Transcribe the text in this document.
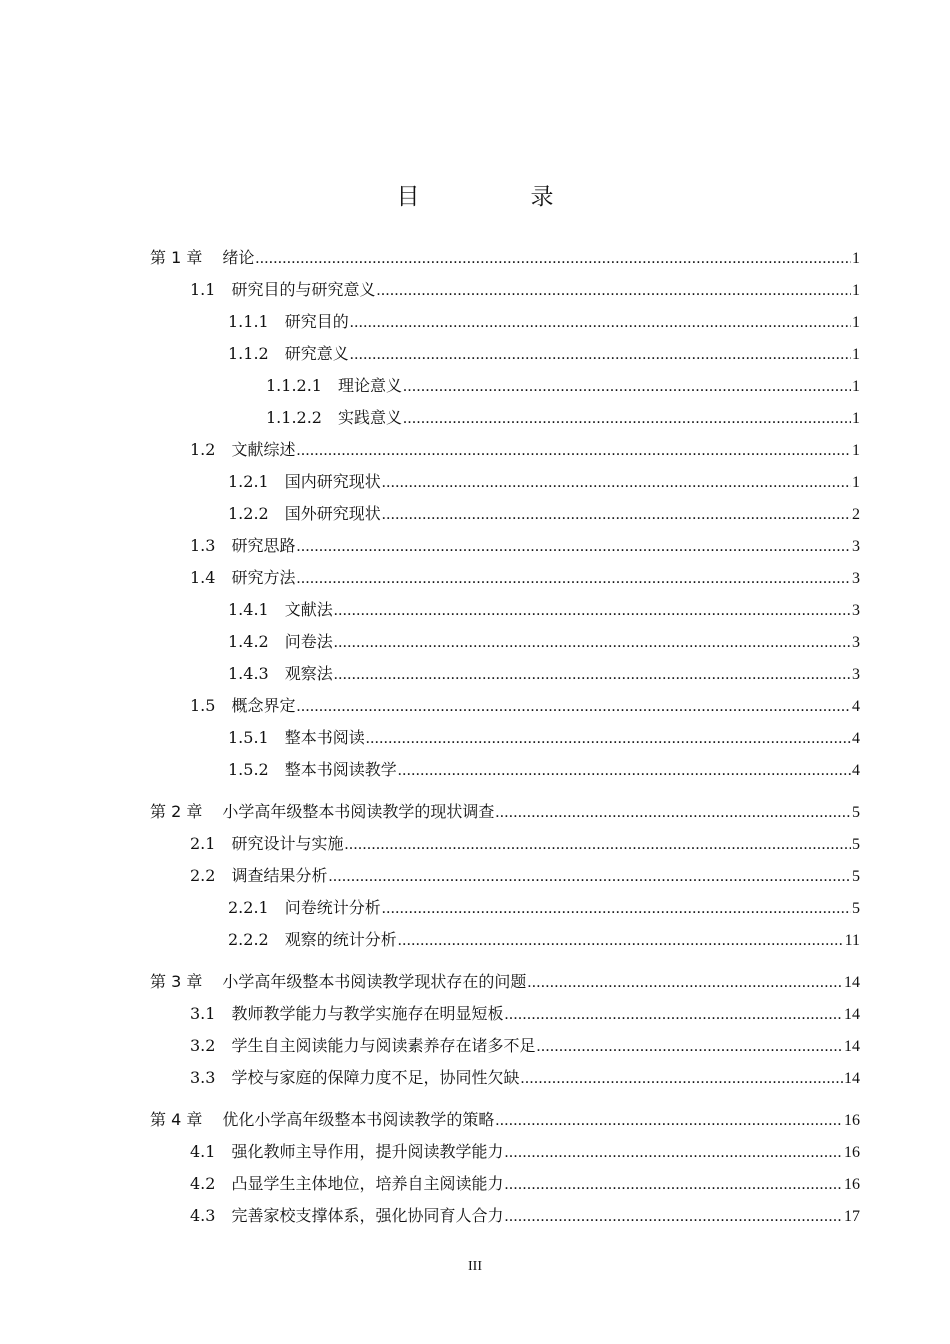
目　录
第 1 章 绪论 .....	1
1.1 研究目的与研究意义 .....	1
1.1.1 研究目的 .....	1
1.1.2 研究意义 .....	1
1.1.2.1 理论意义 .....	1
1.1.2.2 实践意义 .....	1
1.2 文献综述 .....	1
1.2.1 国内研究现状 .....	1
1.2.2 国外研究现状 .....	2
1.3 研究思路 .....	3
1.4 研究方法 .....	3
1.4.1 文献法 .....	3
1.4.2 问卷法 .....	3
1.4.3 观察法 .....	3
1.5 概念界定 .....	4
1.5.1 整本书阅读 .....	4
1.5.2 整本书阅读教学 .....	4
第 2 章 小学高年级整本书阅读教学的现状调查 .....	5
2.1 研究设计与实施 .....	5
2.2 调查结果分析 .....	5
2.2.1 问卷统计分析 .....	5
2.2.2 观察的统计分析 .....	11
第 3 章 小学高年级整本书阅读教学现状存在的问题 .....	14
3.1 教师教学能力与教学实施存在明显短板 .....	14
3.2 学生自主阅读能力与阅读素养存在诸多不足 .....	14
3.3 学校与家庭的保障力度不足，协同性欠缺 .....	14
第 4 章 优化小学高年级整本书阅读教学的策略 .....	16
4.1 强化教师主导作用，提升阅读教学能力 .....	16
4.2 凸显学生主体地位，培养自主阅读能力 .....	16
4.3 完善家校支撑体系，强化协同育人合力 .....	17
III
